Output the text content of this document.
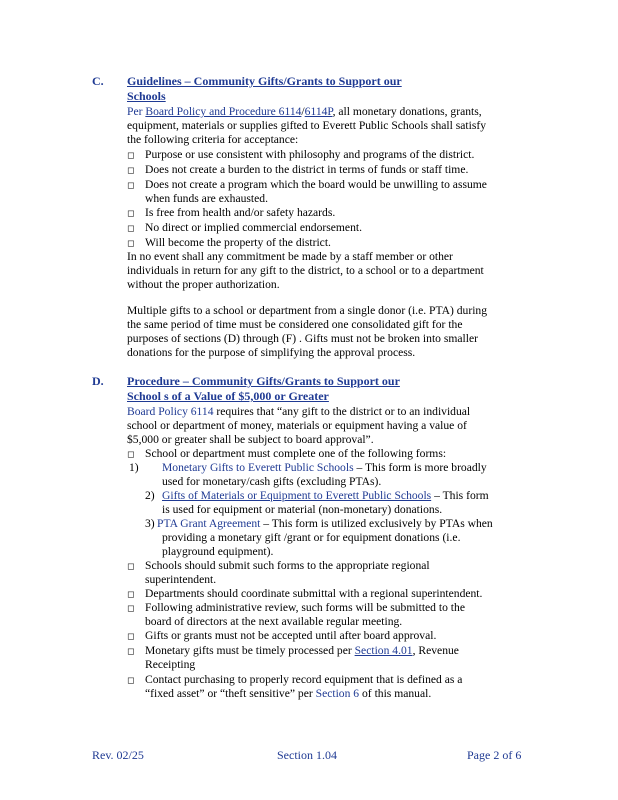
C. Guidelines – Community Gifts/Grants to Support our
Schools
Per Board Policy and Procedure 6114/6114P, all monetary donations, grants,
equipment, materials or supplies gifted to Everett Public Schools shall satisfy
the following criteria for acceptance:
◻ Purpose or use consistent with philosophy and programs of the district.
◻ Does not create a burden to the district in terms of funds or staff time.
◻ Does not create a program which the board would be unwilling to assume
when funds are exhausted.
◻ Is free from health and/or safety hazards.
◻ No direct or implied commercial endorsement.
◻ Will become the property of the district.
In no event shall any commitment be made by a staff member or other
individuals in return for any gift to the district, to a school or to a department
without the proper authorization.
Multiple gifts to a school or department from a single donor (i.e. PTA) during
the same period of time must be considered one consolidated gift for the
purposes of sections (D) through (F) . Gifts must not be broken into smaller
donations for the purpose of simplifying the approval process.
D. Procedure – Community Gifts/Grants to Support our
School s of a Value of $5,000 or Greater
Board Policy 6114 requires that “any gift to the district or to an individual
school or department of money, materials or equipment having a value of
$5,000 or greater shall be subject to board approval”.
◻ School or department must complete one of the following forms:
1) Monetary Gifts to Everett Public Schools – This form is more broadly
used for monetary/cash gifts (excluding PTAs).
2) Gifts of Materials or Equipment to Everett Public Schools – This form
is used for equipment or material (non-monetary) donations.
3) PTA Grant Agreement – This form is utilized exclusively by PTAs when
providing a monetary gift /grant or for equipment donations (i.e.
playground equipment).
◻ Schools should submit such forms to the appropriate regional
superintendent.
◻ Departments should coordinate submittal with a regional superintendent.
◻ Following administrative review, such forms will be submitted to the
board of directors at the next available regular meeting.
◻ Gifts or grants must not be accepted until after board approval.
◻ Monetary gifts must be timely processed per Section 4.01, Revenue
Receipting
◻ Contact purchasing to properly record equipment that is defined as a
“fixed asset” or “theft sensitive” per Section 6 of this manual.
Rev. 02/25	Section 1.04	Page 2 of 6
